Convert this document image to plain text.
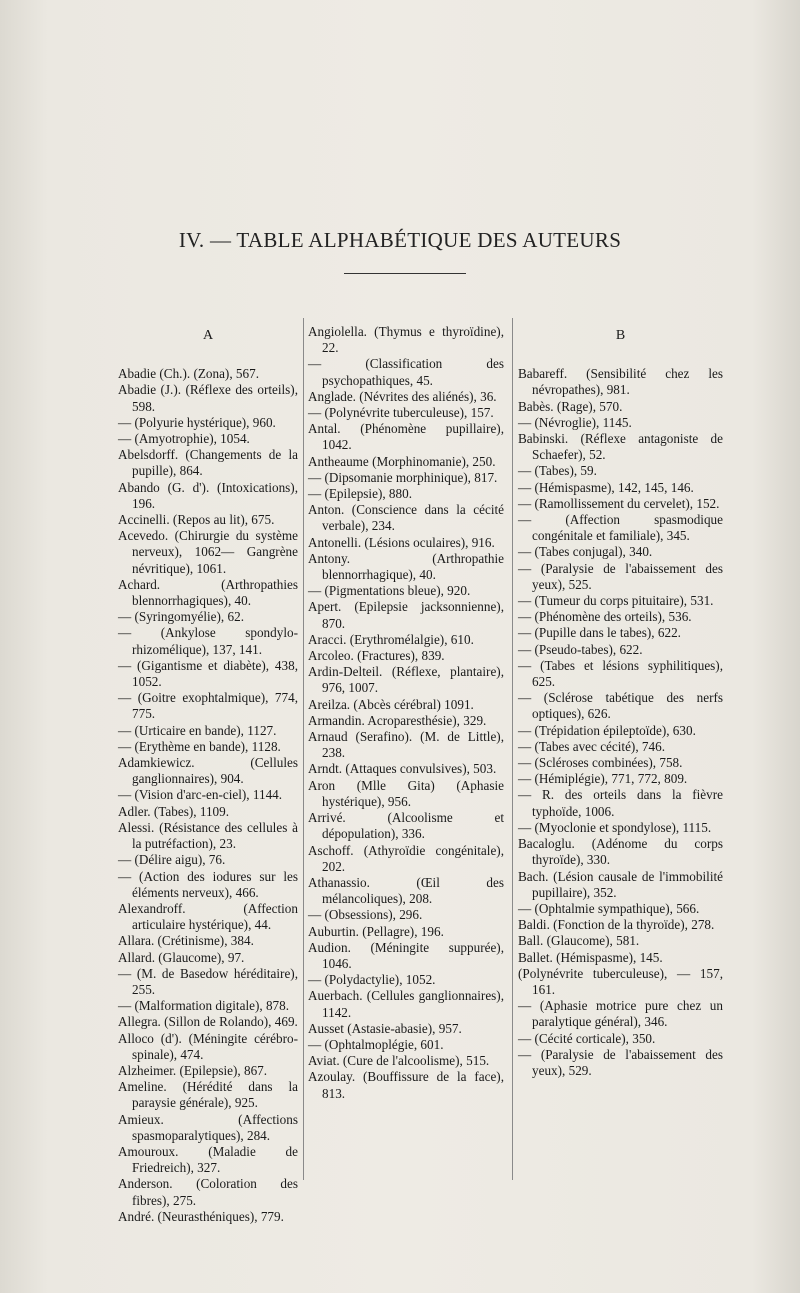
IV. — TABLE ALPHABÉTIQUE DES AUTEURS
A

Abadie (Ch.). (Zona), 567.

Abadie (J.). (Réflexe des orteils), 598.

— (Polyurie hystérique), 960.

— (Amyotrophie), 1054.

Abelsdorff. (Changements de la pupille), 864.

Abando (G. d'). (Intoxications), 196.

Accinelli. (Repos au lit), 675.

Acevedo. (Chirurgie du système nerveux), 1062— Gangrène névritique), 1061.

Achard. (Arthropathies blennorrhagiques), 40.

— (Syringomyélie), 62.

— (Ankylose spondylo-rhizomélique), 137, 141.

— (Gigantisme et diabète), 438, 1052.

— (Goitre exophtalmique), 774, 775.

— (Urticaire en bande), 1127.

— (Erythème en bande), 1128.

Adamkiewicz. (Cellules ganglionnaires), 904.

— (Vision d'arc-en-ciel), 1144.

Adler. (Tabes), 1109.

Alessi. (Résistance des cellules à la putréfaction), 23.

— (Délire aigu), 76.

— (Action des iodures sur les éléments nerveux), 466.

Alexandroff. (Affection articulaire hystérique), 44.

Allara. (Crétinisme), 384.

Allard. (Glaucome), 97.

— (M. de Basedow héréditaire), 255.

— (Malformation digitale), 878.

Allegra. (Sillon de Rolando), 469.

Alloco (d'). (Méningite cérébro-spinale), 474.

Alzheimer. (Epilepsie), 867.

Ameline. (Hérédité dans la paraysie générale), 925.

Amieux. (Affections spasmoparalytiques), 284.

Amouroux. (Maladie de Friedreich), 327.

Anderson. (Coloration des fibres), 275.

André. (Neurasthéniques), 779.

Angiolella. (Thymus e thyroïdine), 22.

— (Classification des psychopathiques, 45.

Anglade. (Névrites des aliénés), 36.

— (Polynévrite tuberculeuse), 157.

Antal. (Phénomène pupillaire), 1042.

Antheaume (Morphinomanie), 250.

— (Dipsomanie morphinique), 817.

— (Epilepsie), 880.

Anton. (Conscience dans la cécité verbale), 234.

Antonelli. (Lésions oculaires), 916.

Antony. (Arthropathie blennorrhagique), 40.

— (Pigmentations bleue), 920.

Apert. (Epilepsie jacksonnienne), 870.

Aracci. (Erythromélalgie), 610.

Arcoleo. (Fractures), 839.

Ardin-Delteil. (Réflexe, plantaire), 976, 1007.

Areilza. (Abcès cérébral) 1091.

Armandin. Acroparesthésie), 329.

Arnaud (Serafino). (M. de Little), 238.

Arndt. (Attaques convulsives), 503.

Aron (Mlle Gita) (Aphasie hystérique), 956.

Arrivé. (Alcoolisme et dépopulation), 336.

Aschoff. (Athyroïdie congénitale), 202.

Athanassio. (Œil des mélancoliques), 208.

— (Obsessions), 296.

Auburtin. (Pellagre), 196.

Audion. (Méningite suppurée), 1046.

— (Polydactylie), 1052.

Auerbach. (Cellules ganglionnaires), 1142.

Ausset (Astasie-abasie), 957.

— (Ophtalmoplégie, 601.

Aviat. (Cure de l'alcoolisme), 515.

Azoulay. (Bouffissure de la face), 813.

B

Babareff. (Sensibilité chez les névropathes), 981.

Babès. (Rage), 570.

— (Névroglie), 1145.

Babinski. (Réflexe antagoniste de Schaefer), 52.

— (Tabes), 59.

— (Hémispasme), 142, 145, 146.

— (Ramollissement du cervelet), 152.

— (Affection spasmodique congénitale et familiale), 345.

— (Tabes conjugal), 340.

— (Paralysie de l'abaissement des yeux), 525.

— (Tumeur du corps pituitaire), 531.

— (Phénomène des orteils), 536.

— (Pupille dans le tabes), 622.

— (Pseudo-tabes), 622.

— (Tabes et lésions syphilitiques), 625.

— (Sclérose tabétique des nerfs optiques), 626.

— (Trépidation épileptoïde), 630.

— (Tabes avec cécité), 746.

— (Scléroses combinées), 758.

— (Hémiplégie), 771, 772, 809.

— R. des orteils dans la fièvre typhoïde, 1006.

— (Myoclonie et spondylose), 1115.

Bacaloglu. (Adénome du corps thyroïde), 330.

Bach. (Lésion causale de l'immobilité pupillaire), 352.

— (Ophtalmie sympathique), 566.

Baldi. (Fonction de la thyroïde), 278.

Ball. (Glaucome), 581.

Ballet. (Hémispasme), 145.

(Polynévrite tuberculeuse), — 157, 161.

— (Aphasie motrice pure chez un paralytique général), 346.

— (Cécité corticale), 350.

— (Paralysie de l'abaissement des yeux), 529.
